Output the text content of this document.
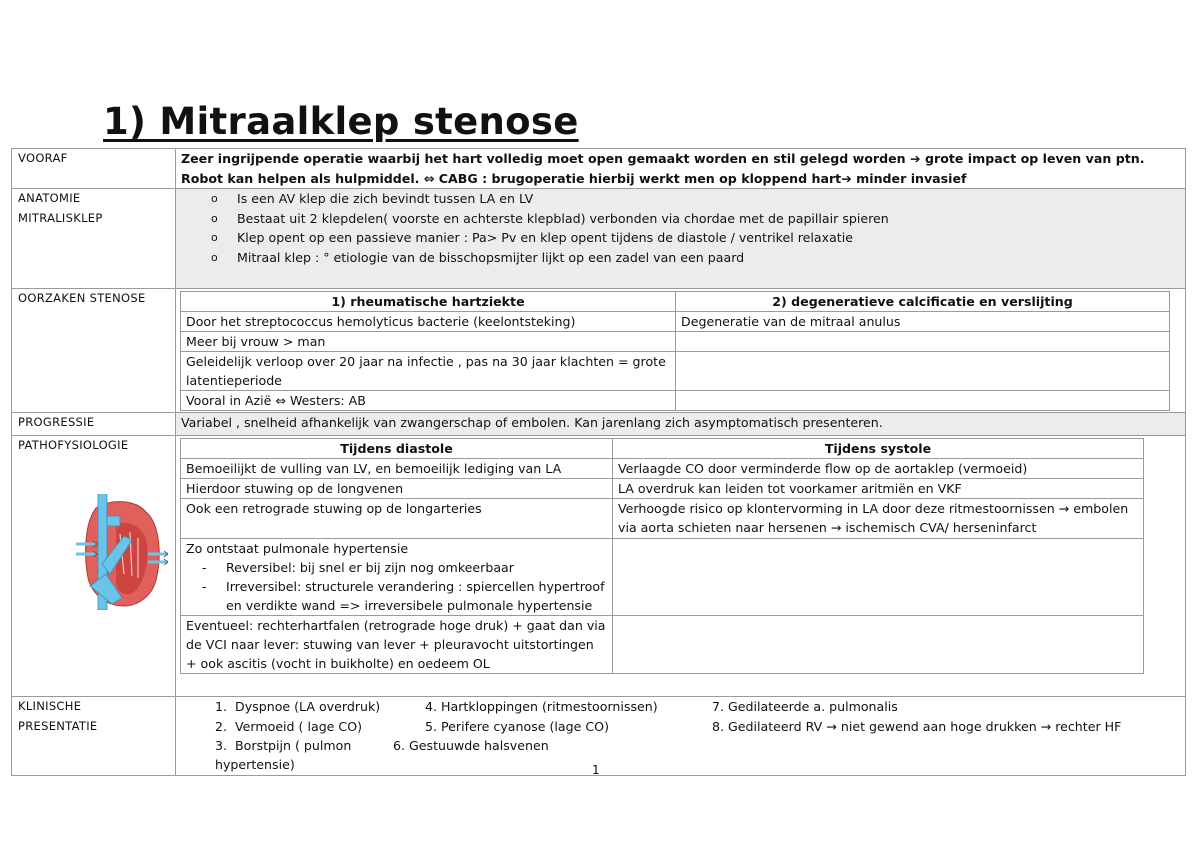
1) Mitraalklep stenose
VOORAF	Zeer ingrijpende operatie waarbij het hart volledig moet open gemaakt worden en stil gelegd worden ➔ grote impact op leven van ptn. Robot kan helpen als hulpmiddel. ⇔ CABG : brugoperatie hierbij werkt men op kloppend hart➔ minder invasief

ANATOMIE
MITRALISKLEP

o Is een AV klep die zich bevindt tussen LA en LV
o Bestaat uit 2 klepdelen( voorste en achterste klepblad) verbonden via chordae met de papillair spieren
o Klep opent op een passieve manier : Pa> Pv en klep opent tijdens de diastole / ventrikel relaxatie
o Mitraal klep : ° etiologie van de bisschopsmijter lijkt op een zadel van een paard

OORZAKEN STENOSE		1) rheumatische hartziekte	2) degeneratieve calcificatie en verslijting
Door het streptococcus hemolyticus bacterie (keelontsteking)	Degeneratie van de mitraal anulus
Meer bij vrouw > man	
Geleidelijk verloop over 20 jaar na infectie , pas na 30 jaar klachten = grote latentieperiode	
Vooral in Azië ⇔ Westers: AB	

PROGRESSIE	Variabel , snelheid afhankelijk van zwangerschap of embolen. Kan jarenlang zich asymptomatisch presenteren.

PATHOFYSIOLOGIE
		Tijdens diastole	Tijdens systole
Bemoeilijkt de vulling van LV, en bemoeilijk lediging van LA	Verlaagde CO door verminderde flow op de aortaklep (vermoeid)
Hierdoor stuwing op de longvenen	LA overdruk kan leiden tot voorkamer aritmiën en VKF
Ook een retrograde stuwing op de longarteries	Verhoogde risico op klontervorming in LA door deze ritmestoornissen → embolen via aorta schieten naar hersenen → ischemisch CVA/ herseninfarct

Zo ontstaat pulmonale hypertensie
- Reversibel: bij snel er bij zijn nog omkeerbaar
- Irreversibel: structurele verandering : spiercellen hypertroof en verdikte wand => irreversibele pulmonale hypertensie

Eventueel: rechterhartfalen (retrograde hoge druk) + gaat dan via de VCI naar lever: stuwing van lever + pleuravocht uitstortingen + ook ascitis (vocht in buikholte) en oedeem OL	

KLINISCHE
PRESENTATIE

1. Dyspnoe (LA overdruk)
2. Vermoeid ( lage CO)
3. Borstpijn ( pulmon hypertensie)
4. Hartkloppingen (ritmestoornissen)
5. Perifere cyanose (lage CO)
6. Gestuuwde halsvenen
7. Gedilateerde a. pulmonalis
8. Gedilateerd RV → niet gewend aan hoge drukken → rechter HF
1
